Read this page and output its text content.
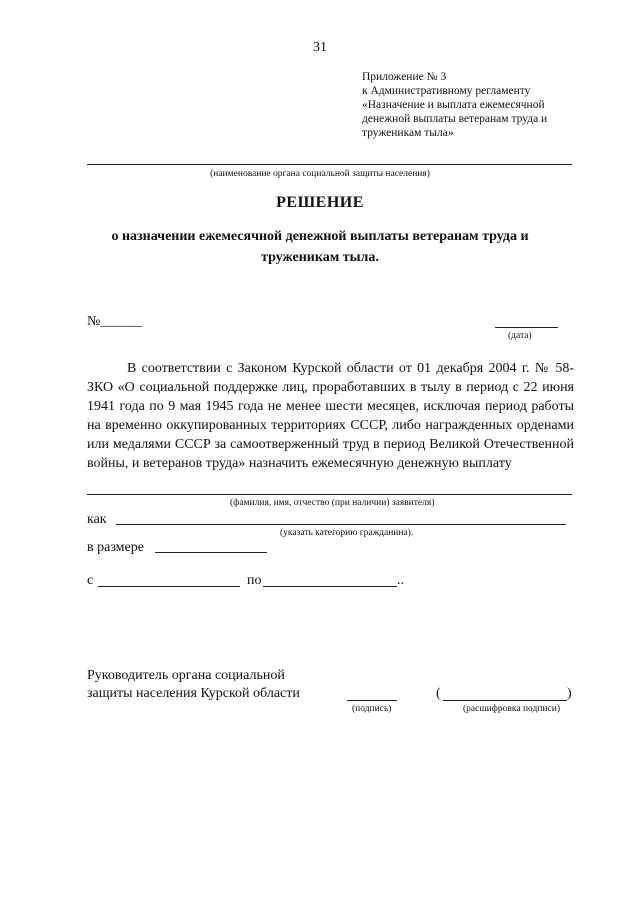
31
Приложение № 3
к Административному регламенту
«Назначение и выплата ежемесячной
денежной выплаты ветеранам труда и
труженикам тыла»
(наименование органа социальной защиты населения)
РЕШЕНИЕ
о назначении ежемесячной денежной выплаты ветеранам труда и труженикам тыла.
№______
(дата)

В соответствии с Законом Курской области от 01 декабря 2004 г. № 58-ЗКО «О социальной поддержке лиц, проработавших в тылу в период с 22 июня 1941 года по 9 мая 1945 года не менее шести месяцев, исключая период работы на временно оккупированных территориях СССР, либо награжденных орденами или медалями СССР за самоотверженный труд в период Великой Отечественной войны, и ветеранов труда» назначить ежемесячную денежную выплату

(фамилия, имя, отчество (при наличии) заявителя)
как
(указать категорию гражданина).
в размере
с	по	..
Руководитель органа социальной
защиты населения Курской области
(подпись)
(	)
(расшифровка подписи)
